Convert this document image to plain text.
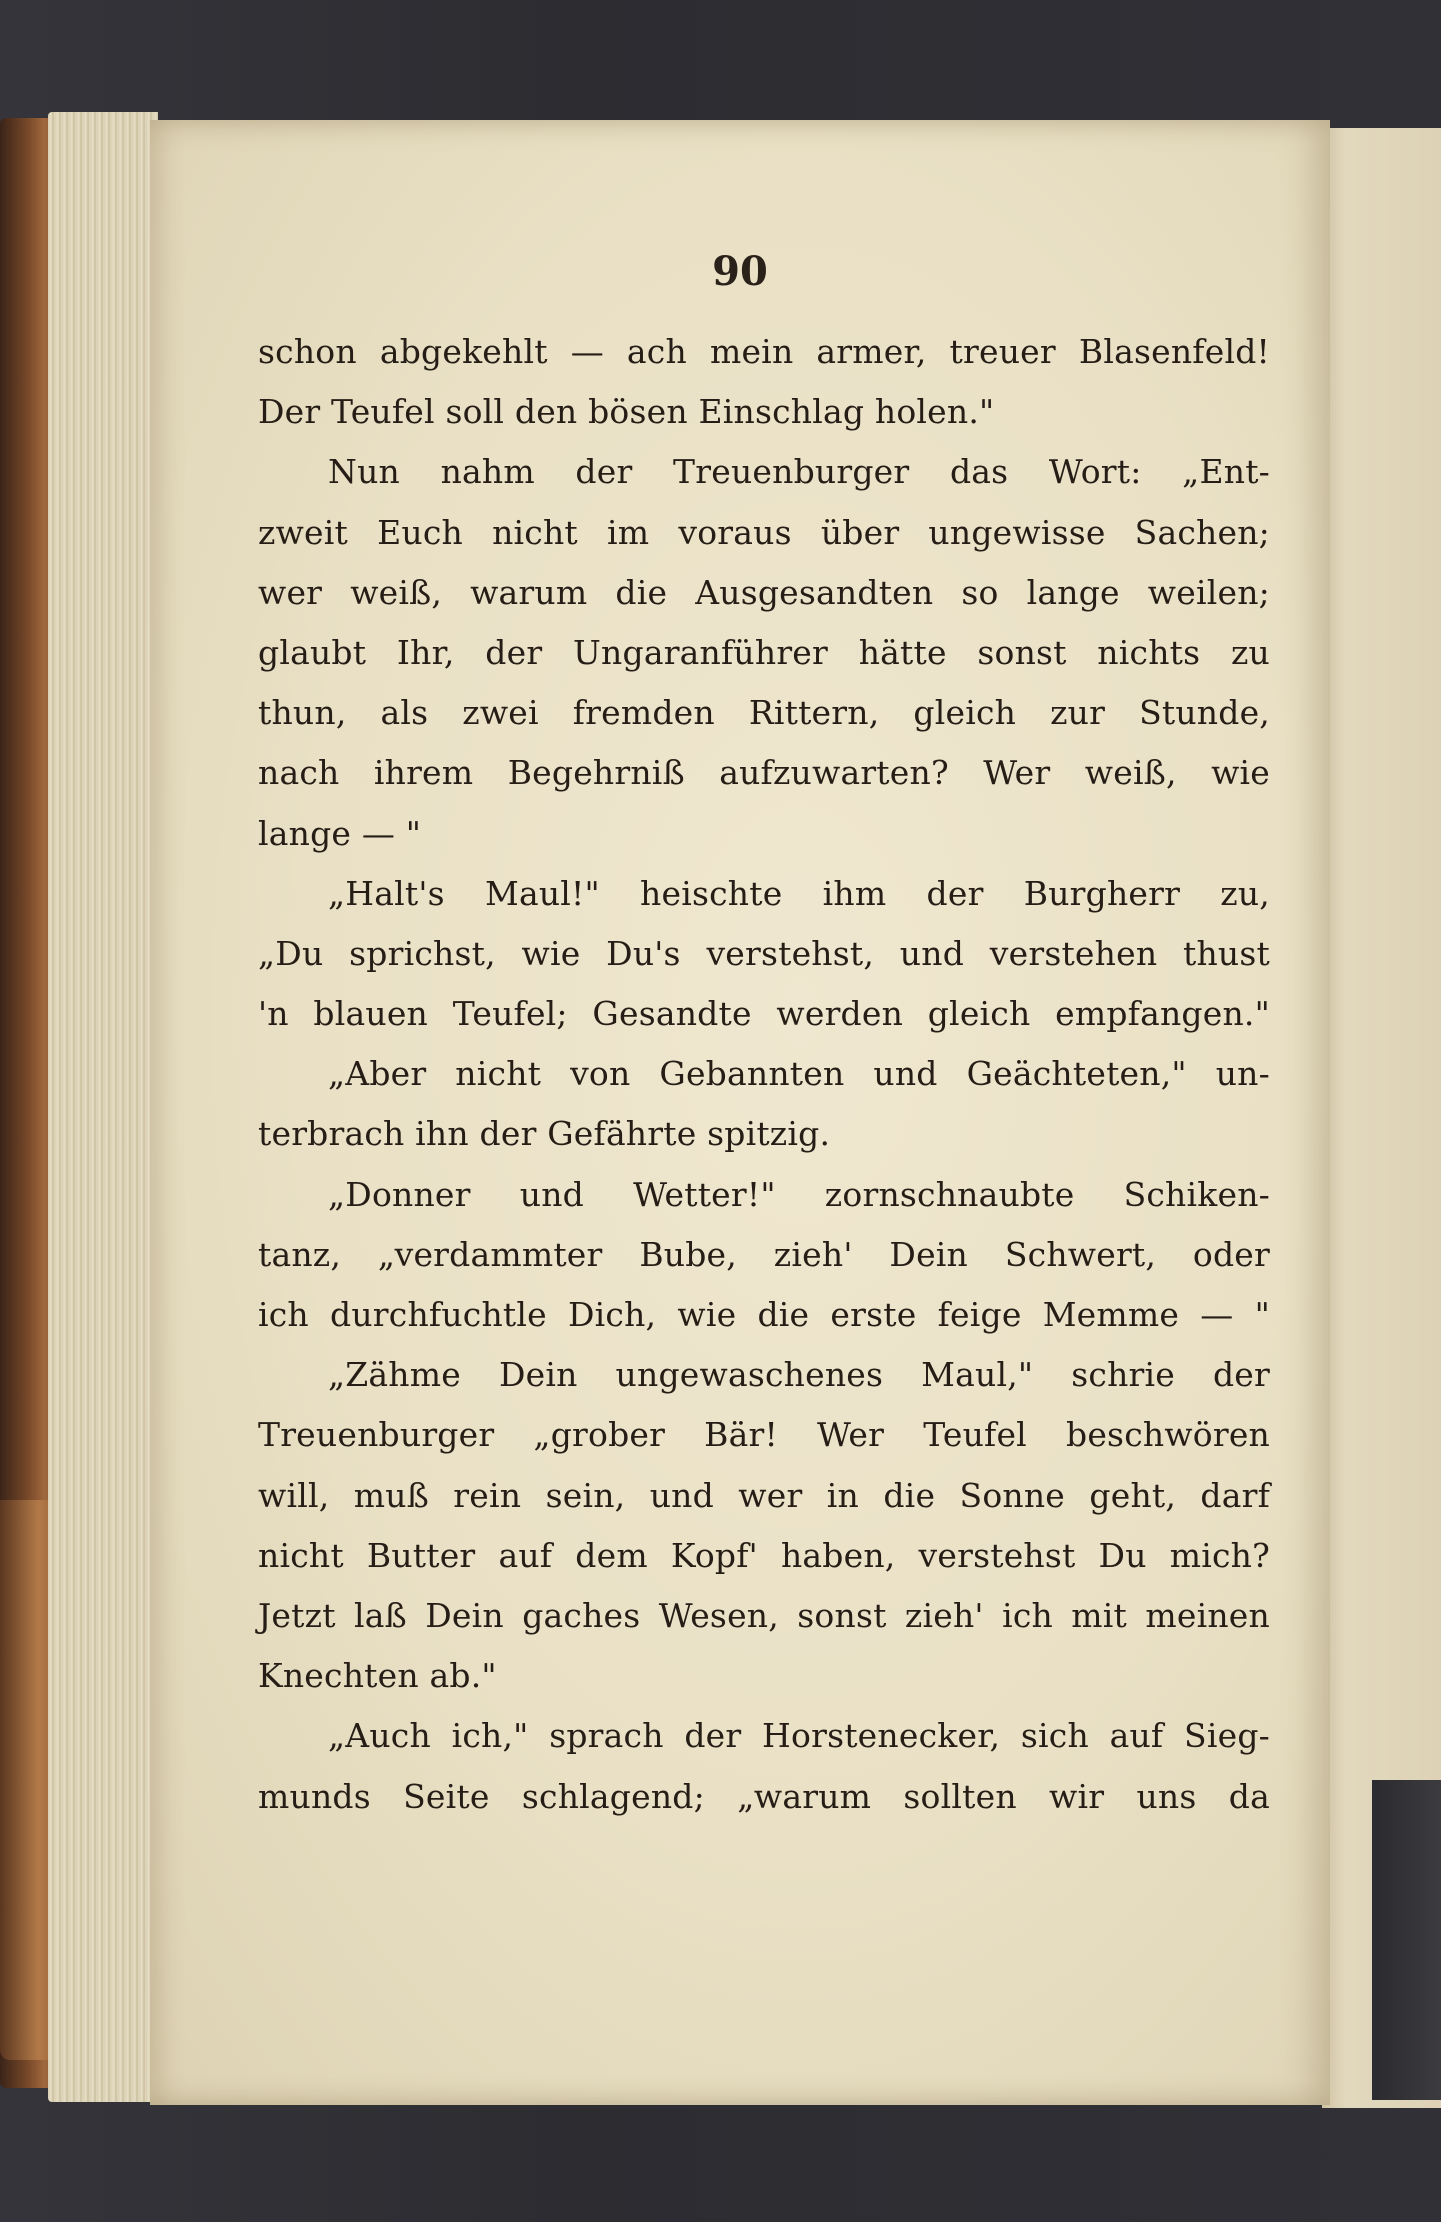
90
schon abgekehlt — ach mein armer, treuer Blasenfeld!
Der Teufel soll den bösen Einschlag holen."
Nun nahm der Treuenburger das Wort: „Ent-
zweit Euch nicht im voraus über ungewisse Sachen;
wer weiß, warum die Ausgesandten so lange weilen;
glaubt Ihr, der Ungaranführer hätte sonst nichts zu
thun, als zwei fremden Rittern, gleich zur Stunde,
nach ihrem Begehrniß aufzuwarten? Wer weiß, wie
lange — "
„Halt's Maul!" heischte ihm der Burgherr zu,
„Du sprichst, wie Du's verstehst, und verstehen thust
'n blauen Teufel; Gesandte werden gleich empfangen."
„Aber nicht von Gebannten und Geächteten," un-
terbrach ihn der Gefährte spitzig.
„Donner und Wetter!" zornschnaubte Schiken-
tanz, „verdammter Bube, zieh' Dein Schwert, oder
ich durchfuchtle Dich, wie die erste feige Memme — "
„Zähme Dein ungewaschenes Maul," schrie der
Treuenburger „grober Bär! Wer Teufel beschwören
will, muß rein sein, und wer in die Sonne geht, darf
nicht Butter auf dem Kopf' haben, verstehst Du mich?
Jetzt laß Dein gaches Wesen, sonst zieh' ich mit meinen
Knechten ab."
„Auch ich," sprach der Horstenecker, sich auf Sieg-
munds Seite schlagend; „warum sollten wir uns da
